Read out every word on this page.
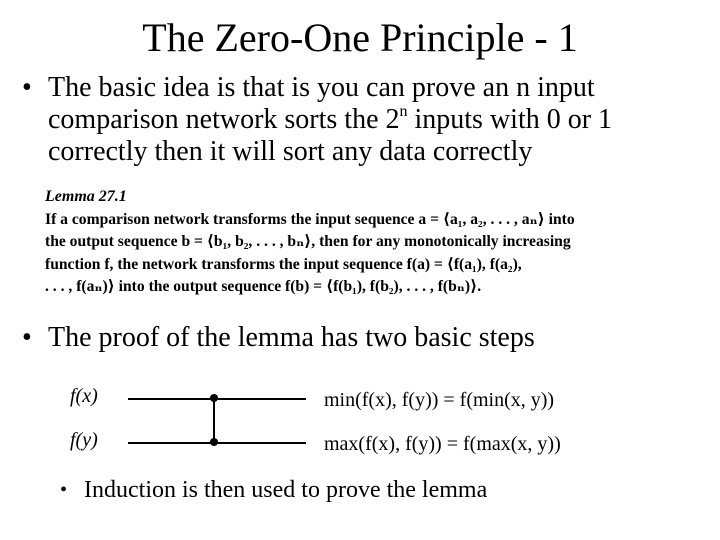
The Zero-One Principle - 1
• The basic idea is that is you can prove an n input comparison network sorts the 2$^n$ inputs with 0 or 1 correctly then it will sort any data correctly
Lemma 27.1
If a comparison network transforms the input sequence a = ⟨a₁, a₂, . . . , aₙ⟩ into
the output sequence b = ⟨b₁, b₂, . . . , bₙ⟩, then for any monotonically increasing
function f, the network transforms the input sequence f(a) = ⟨f(a₁), f(a₂),
. . . , f(aₙ)⟩ into the output sequence f(b) = ⟨f(b₁), f(b₂), . . . , f(bₙ)⟩.
• The proof of the lemma has two basic steps
f(x)
f(y)
min(f(x), f(y)) = f(min(x, y))
max(f(x), f(y)) = f(max(x, y))
• Induction is then used to prove the lemma
